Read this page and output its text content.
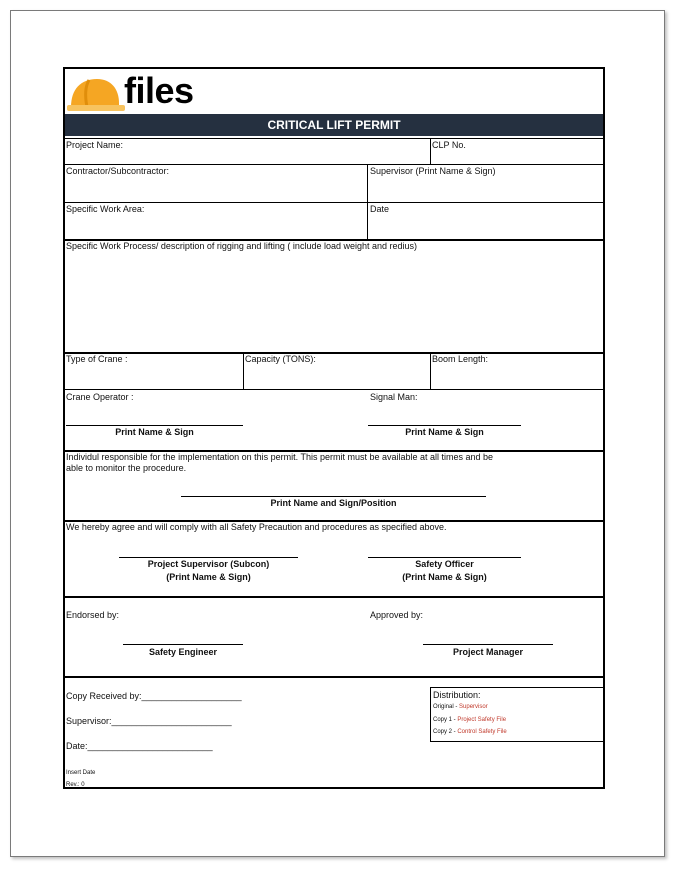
files
CRITICAL LIFT PERMIT
Project Name:	CLP No.
Contractor/Subcontractor:	Supervisor (Print Name & Sign)
Specific Work Area:	Date
Specific Work Process/ description of rigging and lifting ( include load weight and redius)
Type of Crane :	Capacity (TONS):	Boom Length:
Crane Operator :	Signal Man:
Print Name & Sign	Print Name & Sign
Individul responsible for the implementation on this permit. This permit must be available at all times and be
able to monitor the procedure.
Print Name and Sign/Position
We hereby agree and will comply with all Safety Precaution and procedures as specified above.
Project Supervisor (Subcon)
(Print Name & Sign)
Safety Officer
(Print Name & Sign)
Endorsed by:	Approved by:
Safety Engineer	Project Manager
Copy Received by:____________________
Supervisor:________________________
Date:_________________________
Insert Date
Rev.: 0
Distribution:
Original - Supervisor
Copy 1 - Project Safety File
Copy 2 - Control Safety File
